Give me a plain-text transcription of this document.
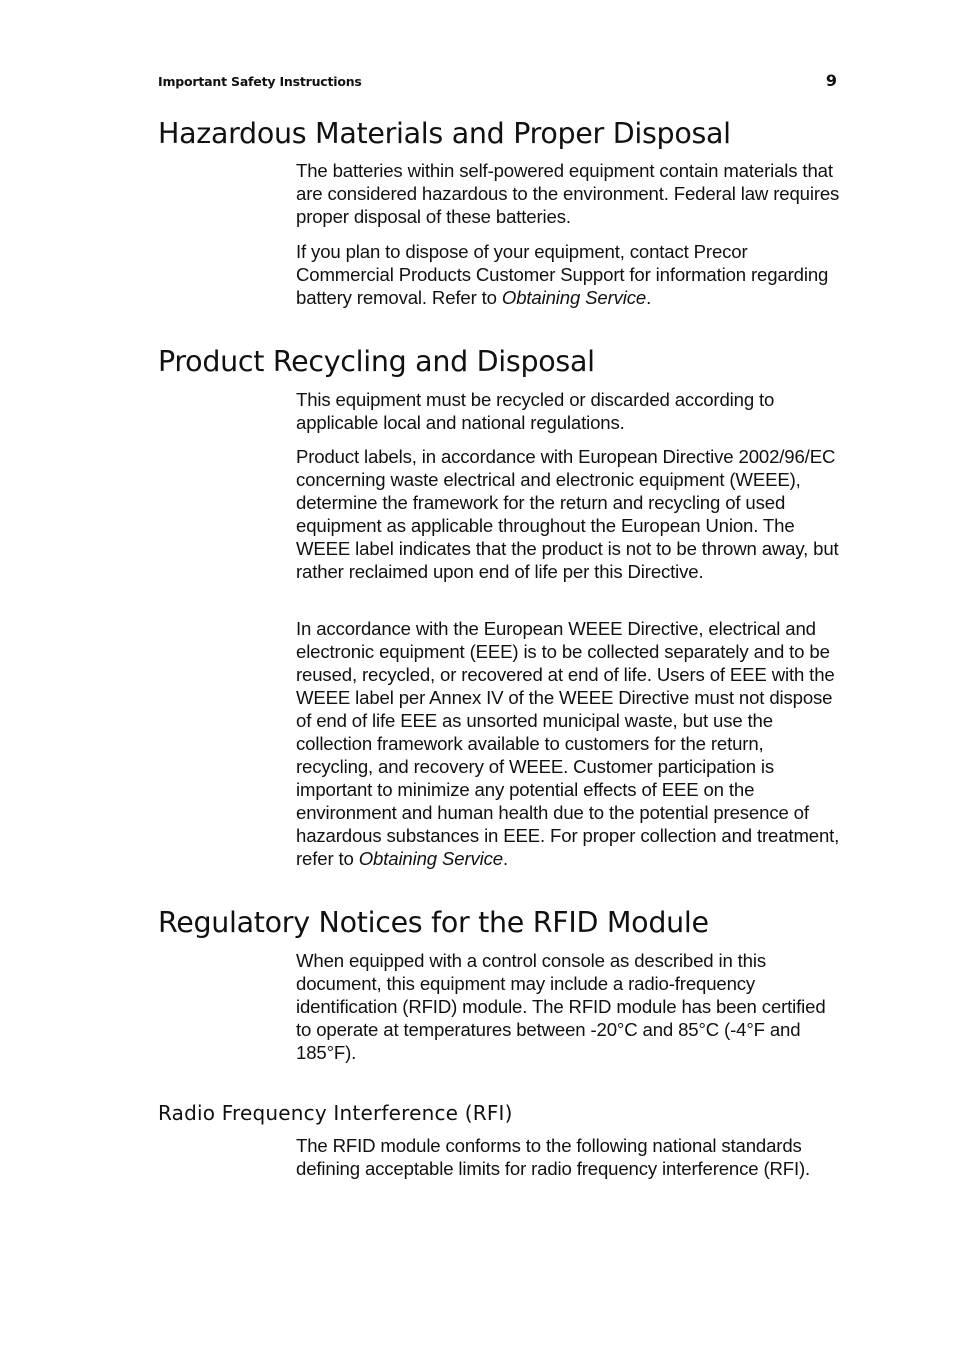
Important Safety Instructions	9
Hazardous Materials and Proper Disposal

The batteries within self-powered equipment contain materials that are considered hazardous to the environment. Federal law requires proper disposal of these batteries.

If you plan to dispose of your equipment, contact Precor Commercial Products Customer Support for information regarding battery removal. Refer to Obtaining Service.

Product Recycling and Disposal

This equipment must be recycled or discarded according to applicable local and national regulations.

Product labels, in accordance with European Directive 2002/96/EC concerning waste electrical and electronic equipment (WEEE), determine the framework for the return and recycling of used equipment as applicable throughout the European Union. The WEEE label indicates that the product is not to be thrown away, but rather reclaimed upon end of life per this Directive.

In accordance with the European WEEE Directive, electrical and electronic equipment (EEE) is to be collected separately and to be reused, recycled, or recovered at end of life. Users of EEE with the WEEE label per Annex IV of the WEEE Directive must not dispose of end of life EEE as unsorted municipal waste, but use the collection framework available to customers for the return, recycling, and recovery of WEEE. Customer participation is important to minimize any potential effects of EEE on the environment and human health due to the potential presence of hazardous substances in EEE. For proper collection and treatment, refer to Obtaining Service.

Regulatory Notices for the RFID Module

When equipped with a control console as described in this document, this equipment may include a radio-frequency identification (RFID) module. The RFID module has been certified to operate at temperatures between -20°C and 85°C (-4°F and 185°F).

Radio Frequency Interference (RFI)

The RFID module conforms to the following national standards defining acceptable limits for radio frequency interference (RFI).
